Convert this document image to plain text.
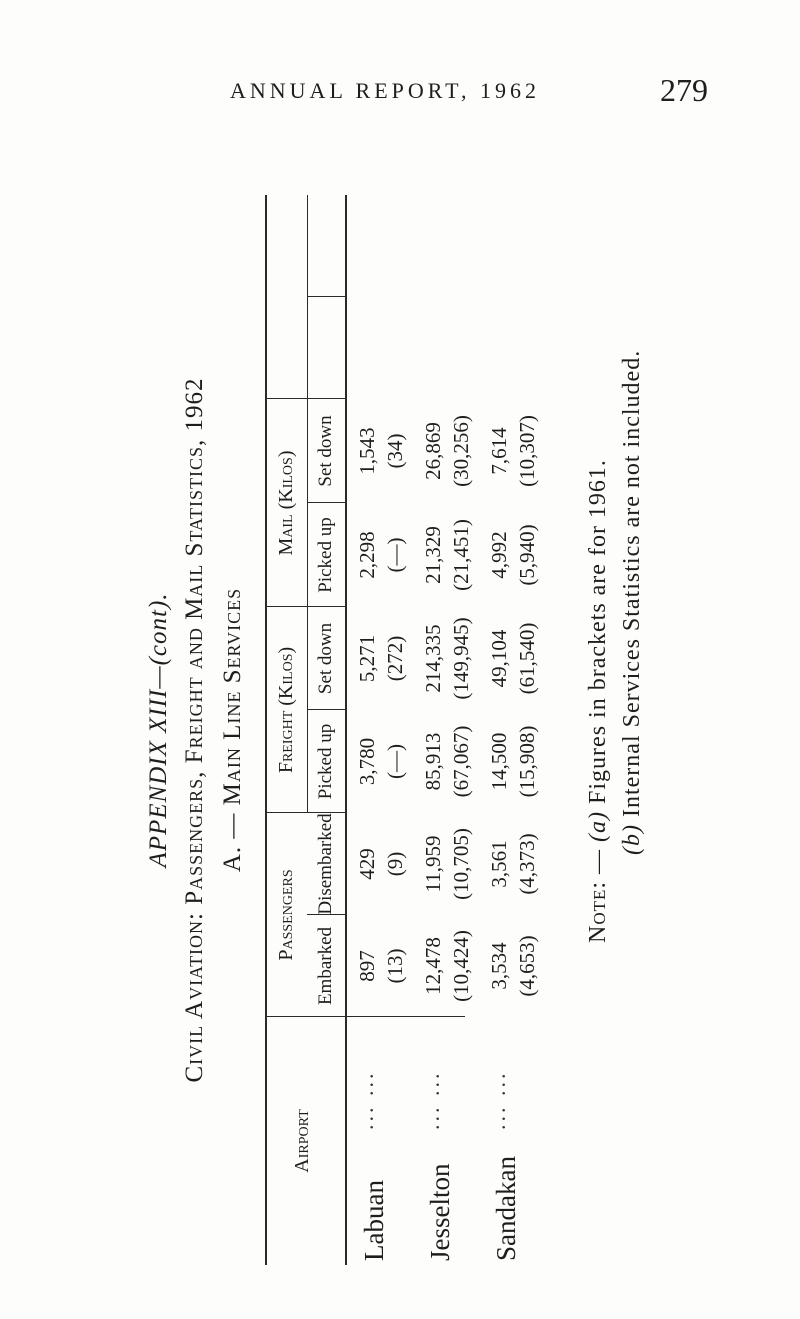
ANNUAL REPORT, 1962	279
APPENDIX XIII—(cont). Civil Aviation: Passengers, Freight and Mail Statistics, 1962 A. — Main Line Services
Airport
Passengers
Freight (Kilos)
Mail (Kilos)
Embarked
Disembarked
Picked up
Set down
Picked up
Set down
Labuan
... ...
897 (13)
429 (9)
3,780 (—)
5,271 (272)
2,298 (—)
1,543 (34)
Jesselton
... ...
12,478 (10,424)
11,959 (10,705)
85,913 (67,067)
214,335 (149,945)
21,329 (21,451)
26,869 (30,256)
Sandakan
... ...
3,534 (4,653)
3,561 (4,373)
14,500 (15,908)
49,104 (61,540)
4,992 (5,940)
7,614 (10,307)
Note: — (a) Figures in brackets are for 1961.
(b) Internal Services Statistics are not included.
